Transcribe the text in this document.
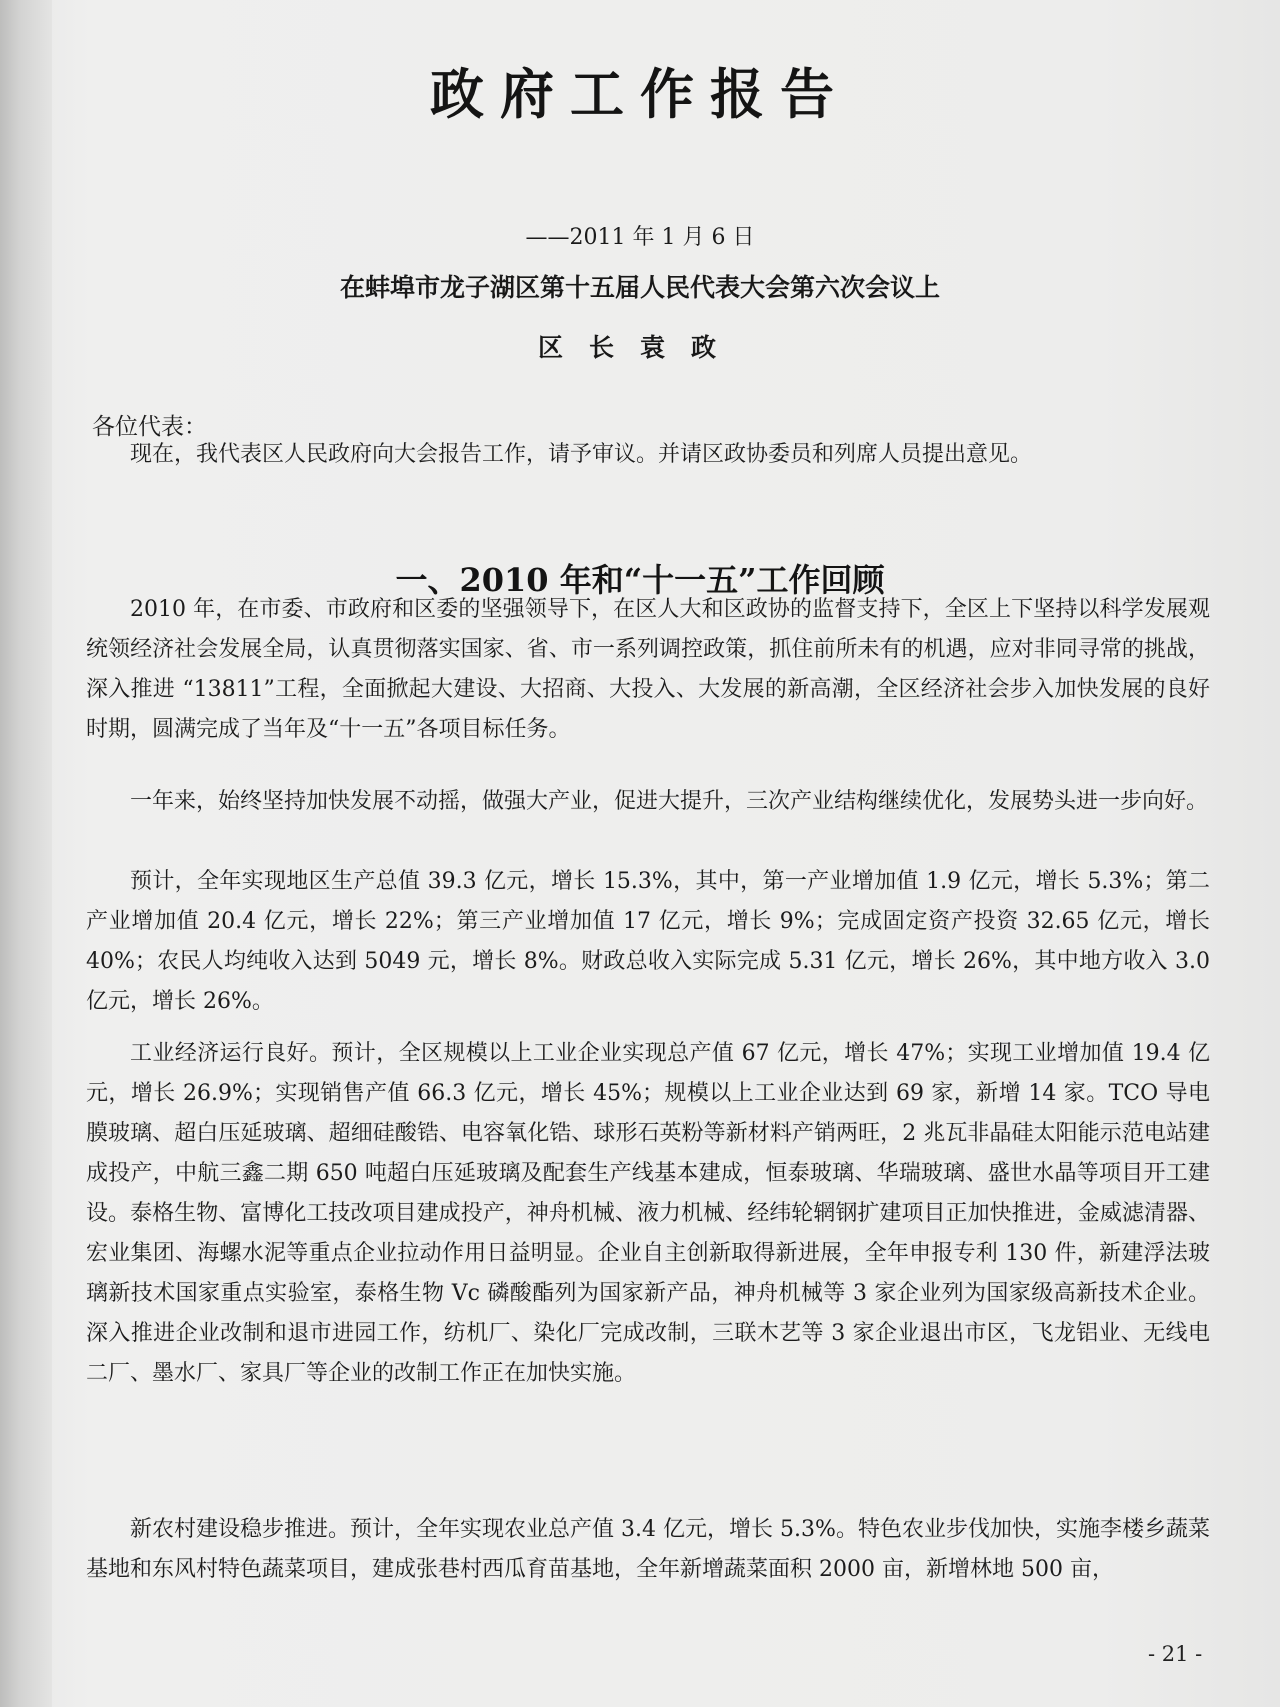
政府工作报告
——2011 年 1 月 6 日
在蚌埠市龙子湖区第十五届人民代表大会第六次会议上
区长袁政
各位代表：
现在，我代表区人民政府向大会报告工作，请予审议。并请区政协委员和列席人员提出意见。
一、2010 年和“十一五”工作回顾
2010 年，在市委、市政府和区委的坚强领导下，在区人大和区政协的监督支持下，全区上下坚持以科学发展观统领经济社会发展全局，认真贯彻落实国家、省、市一系列调控政策，抓住前所未有的机遇，应对非同寻常的挑战，深入推进 “13811”工程，全面掀起大建设、大招商、大投入、大发展的新高潮，全区经济社会步入加快发展的良好时期，圆满完成了当年及“十一五”各项目标任务。
一年来，始终坚持加快发展不动摇，做强大产业，促进大提升，三次产业结构继续优化，发展势头进一步向好。
预计，全年实现地区生产总值 39.3 亿元，增长 15.3%，其中，第一产业增加值 1.9 亿元，增长 5.3%；第二产业增加值 20.4 亿元，增长 22%；第三产业增加值 17 亿元，增长 9%；完成固定资产投资 32.65 亿元，增长 40%；农民人均纯收入达到 5049 元，增长 8%。财政总收入实际完成 5.31 亿元，增长 26%，其中地方收入 3.0 亿元，增长 26%。
工业经济运行良好。预计，全区规模以上工业企业实现总产值 67 亿元，增长 47%；实现工业增加值 19.4 亿元，增长 26.9%；实现销售产值 66.3 亿元，增长 45%；规模以上工业企业达到 69 家，新增 14 家。TCO 导电膜玻璃、超白压延玻璃、超细硅酸锆、电容氧化锆、球形石英粉等新材料产销两旺，2 兆瓦非晶硅太阳能示范电站建成投产，中航三鑫二期 650 吨超白压延玻璃及配套生产线基本建成，恒泰玻璃、华瑞玻璃、盛世水晶等项目开工建设。泰格生物、富博化工技改项目建成投产，神舟机械、液力机械、经纬轮辋钢扩建项目正加快推进，金威滤清器、宏业集团、海螺水泥等重点企业拉动作用日益明显。企业自主创新取得新进展，全年申报专利 130 件，新建浮法玻璃新技术国家重点实验室，泰格生物 Vc 磷酸酯列为国家新产品，神舟机械等 3 家企业列为国家级高新技术企业。深入推进企业改制和退市进园工作，纺机厂、染化厂完成改制，三联木艺等 3 家企业退出市区，飞龙铝业、无线电二厂、墨水厂、家具厂等企业的改制工作正在加快实施。
新农村建设稳步推进。预计，全年实现农业总产值 3.4 亿元，增长 5.3%。特色农业步伐加快，实施李楼乡蔬菜基地和东风村特色蔬菜项目，建成张巷村西瓜育苗基地，全年新增蔬菜面积 2000 亩，新增林地 500 亩，
- 21 -
